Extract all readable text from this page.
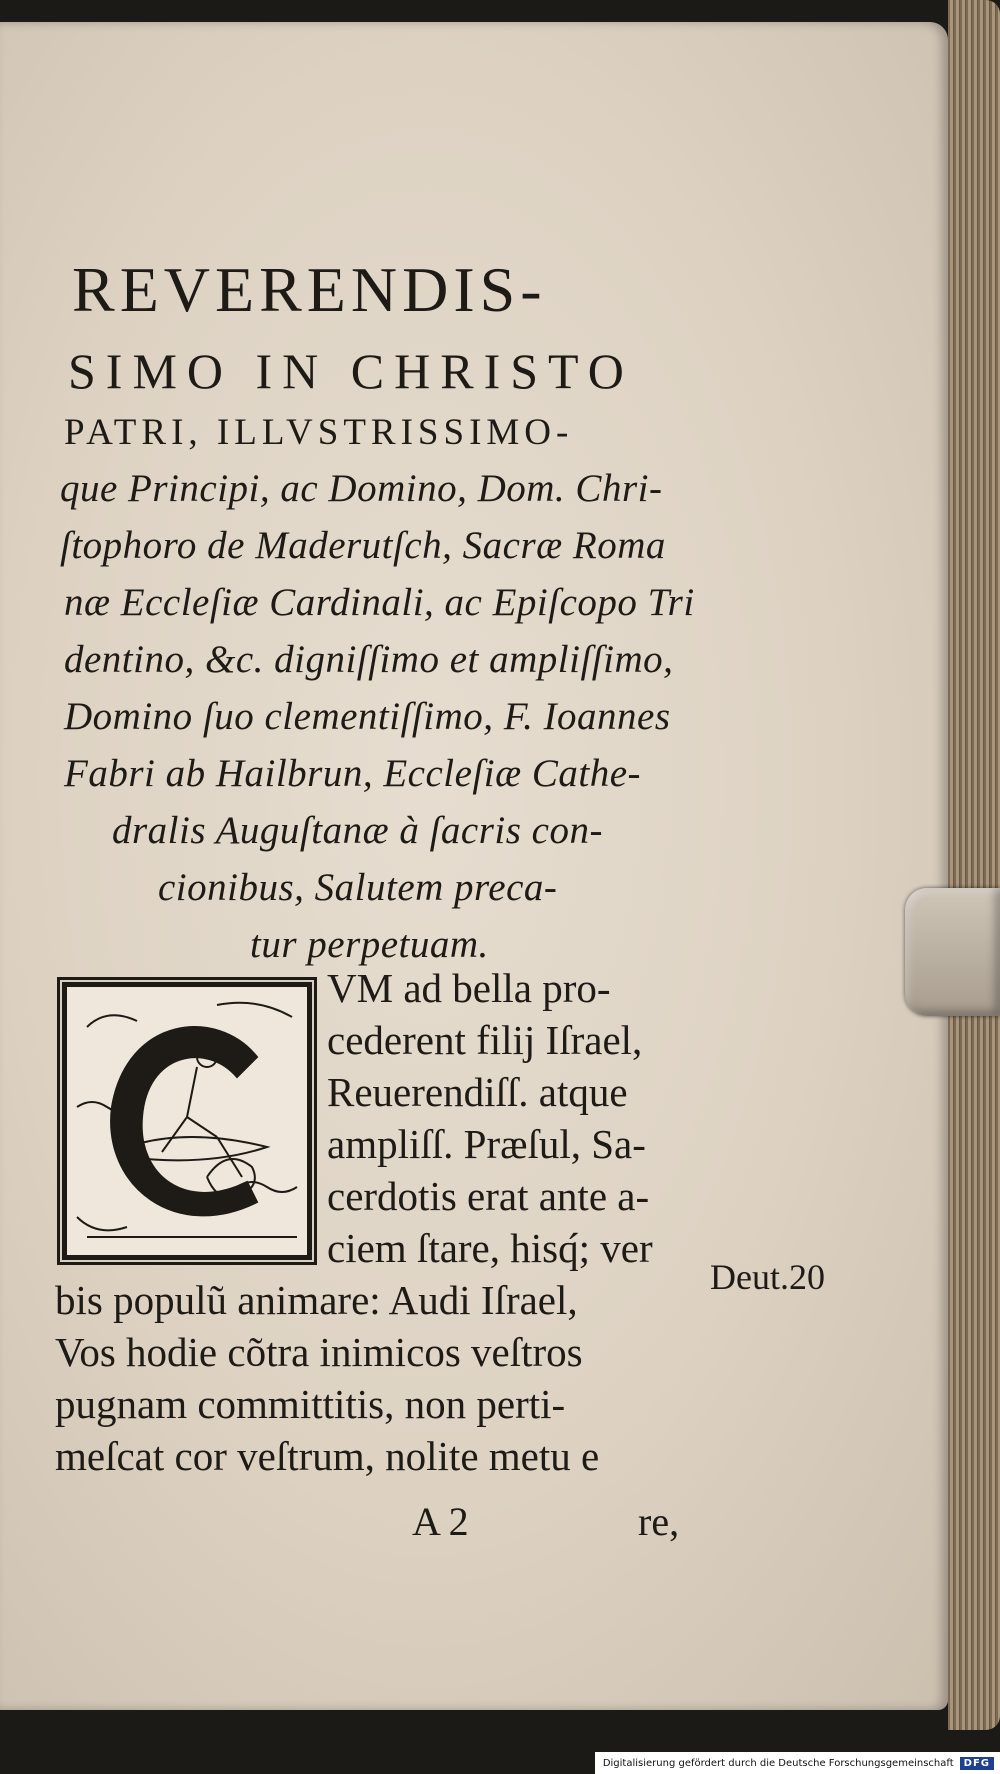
REVERENDIS-
SIMO IN CHRISTO
PATRI, ILLVSTRISSIMO-
que Principi, ac Domino, Dom. Chri-
ſtophoro de Maderutſch, Sacræ Roma
næ Eccleſiæ Cardinali, ac Epiſcopo Tri
dentino, &c. digniſſimo et ampliſſimo,
Domino ſuo clementiſſimo, F. Ioannes
Fabri ab Hailbrun, Eccleſiæ Cathe-
dralis Auguſtanæ à ſacris con-
cionibus, Salutem preca-
tur perpetuam.
VM ad bella pro-
cederent filij Iſrael,
Reuerendiſſ. atque
ampliſſ. Præſul, Sa-
cerdotis erat ante a-
ciem ſtare, hisq́; ver
bis populũ animare: Audi Iſrael,
Vos hodie cõtra inimicos veſtros
pugnam committitis, non perti-
meſcat cor veſtrum, nolite metu e
Deut.20
A 2	re,
Digitalisierung gefördert durch die Deutsche Forschungsgemeinschaft	DFG
